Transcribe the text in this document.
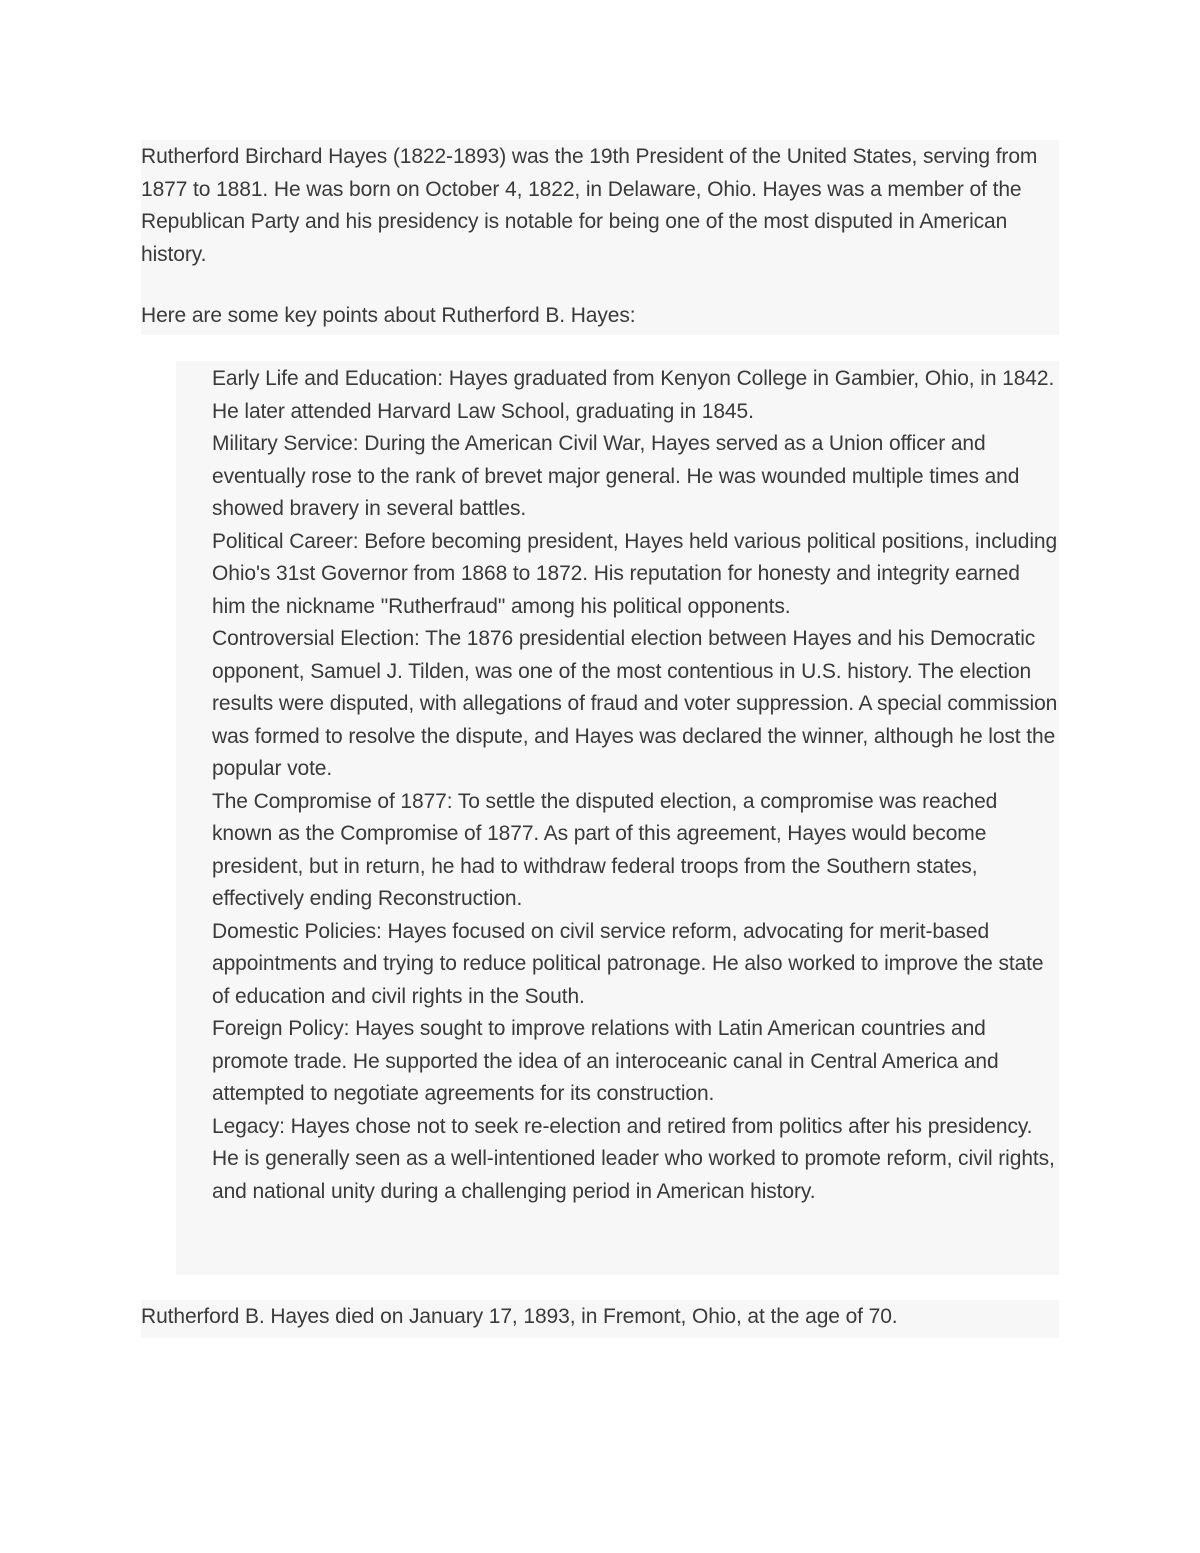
Rutherford Birchard Hayes (1822-1893) was the 19th President of the United States, serving from 1877 to 1881. He was born on October 4, 1822, in Delaware, Ohio. Hayes was a member of the Republican Party and his presidency is notable for being one of the most disputed in American history.

Here are some key points about Rutherford B. Hayes:

Early Life and Education: Hayes graduated from Kenyon College in Gambier, Ohio, in 1842. He later attended Harvard Law School, graduating in 1845.
Military Service: During the American Civil War, Hayes served as a Union officer and eventually rose to the rank of brevet major general. He was wounded multiple times and showed bravery in several battles.
Political Career: Before becoming president, Hayes held various political positions, including Ohio's 31st Governor from 1868 to 1872. His reputation for honesty and integrity earned him the nickname "Rutherfraud" among his political opponents.
Controversial Election: The 1876 presidential election between Hayes and his Democratic opponent, Samuel J. Tilden, was one of the most contentious in U.S. history. The election results were disputed, with allegations of fraud and voter suppression. A special commission was formed to resolve the dispute, and Hayes was declared the winner, although he lost the popular vote.
The Compromise of 1877: To settle the disputed election, a compromise was reached known as the Compromise of 1877. As part of this agreement, Hayes would become president, but in return, he had to withdraw federal troops from the Southern states, effectively ending Reconstruction.
Domestic Policies: Hayes focused on civil service reform, advocating for merit-based appointments and trying to reduce political patronage. He also worked to improve the state of education and civil rights in the South.
Foreign Policy: Hayes sought to improve relations with Latin American countries and promote trade. He supported the idea of an interoceanic canal in Central America and attempted to negotiate agreements for its construction.
Legacy: Hayes chose not to seek re-election and retired from politics after his presidency. He is generally seen as a well-intentioned leader who worked to promote reform, civil rights, and national unity during a challenging period in American history.

Rutherford B. Hayes died on January 17, 1893, in Fremont, Ohio, at the age of 70.
